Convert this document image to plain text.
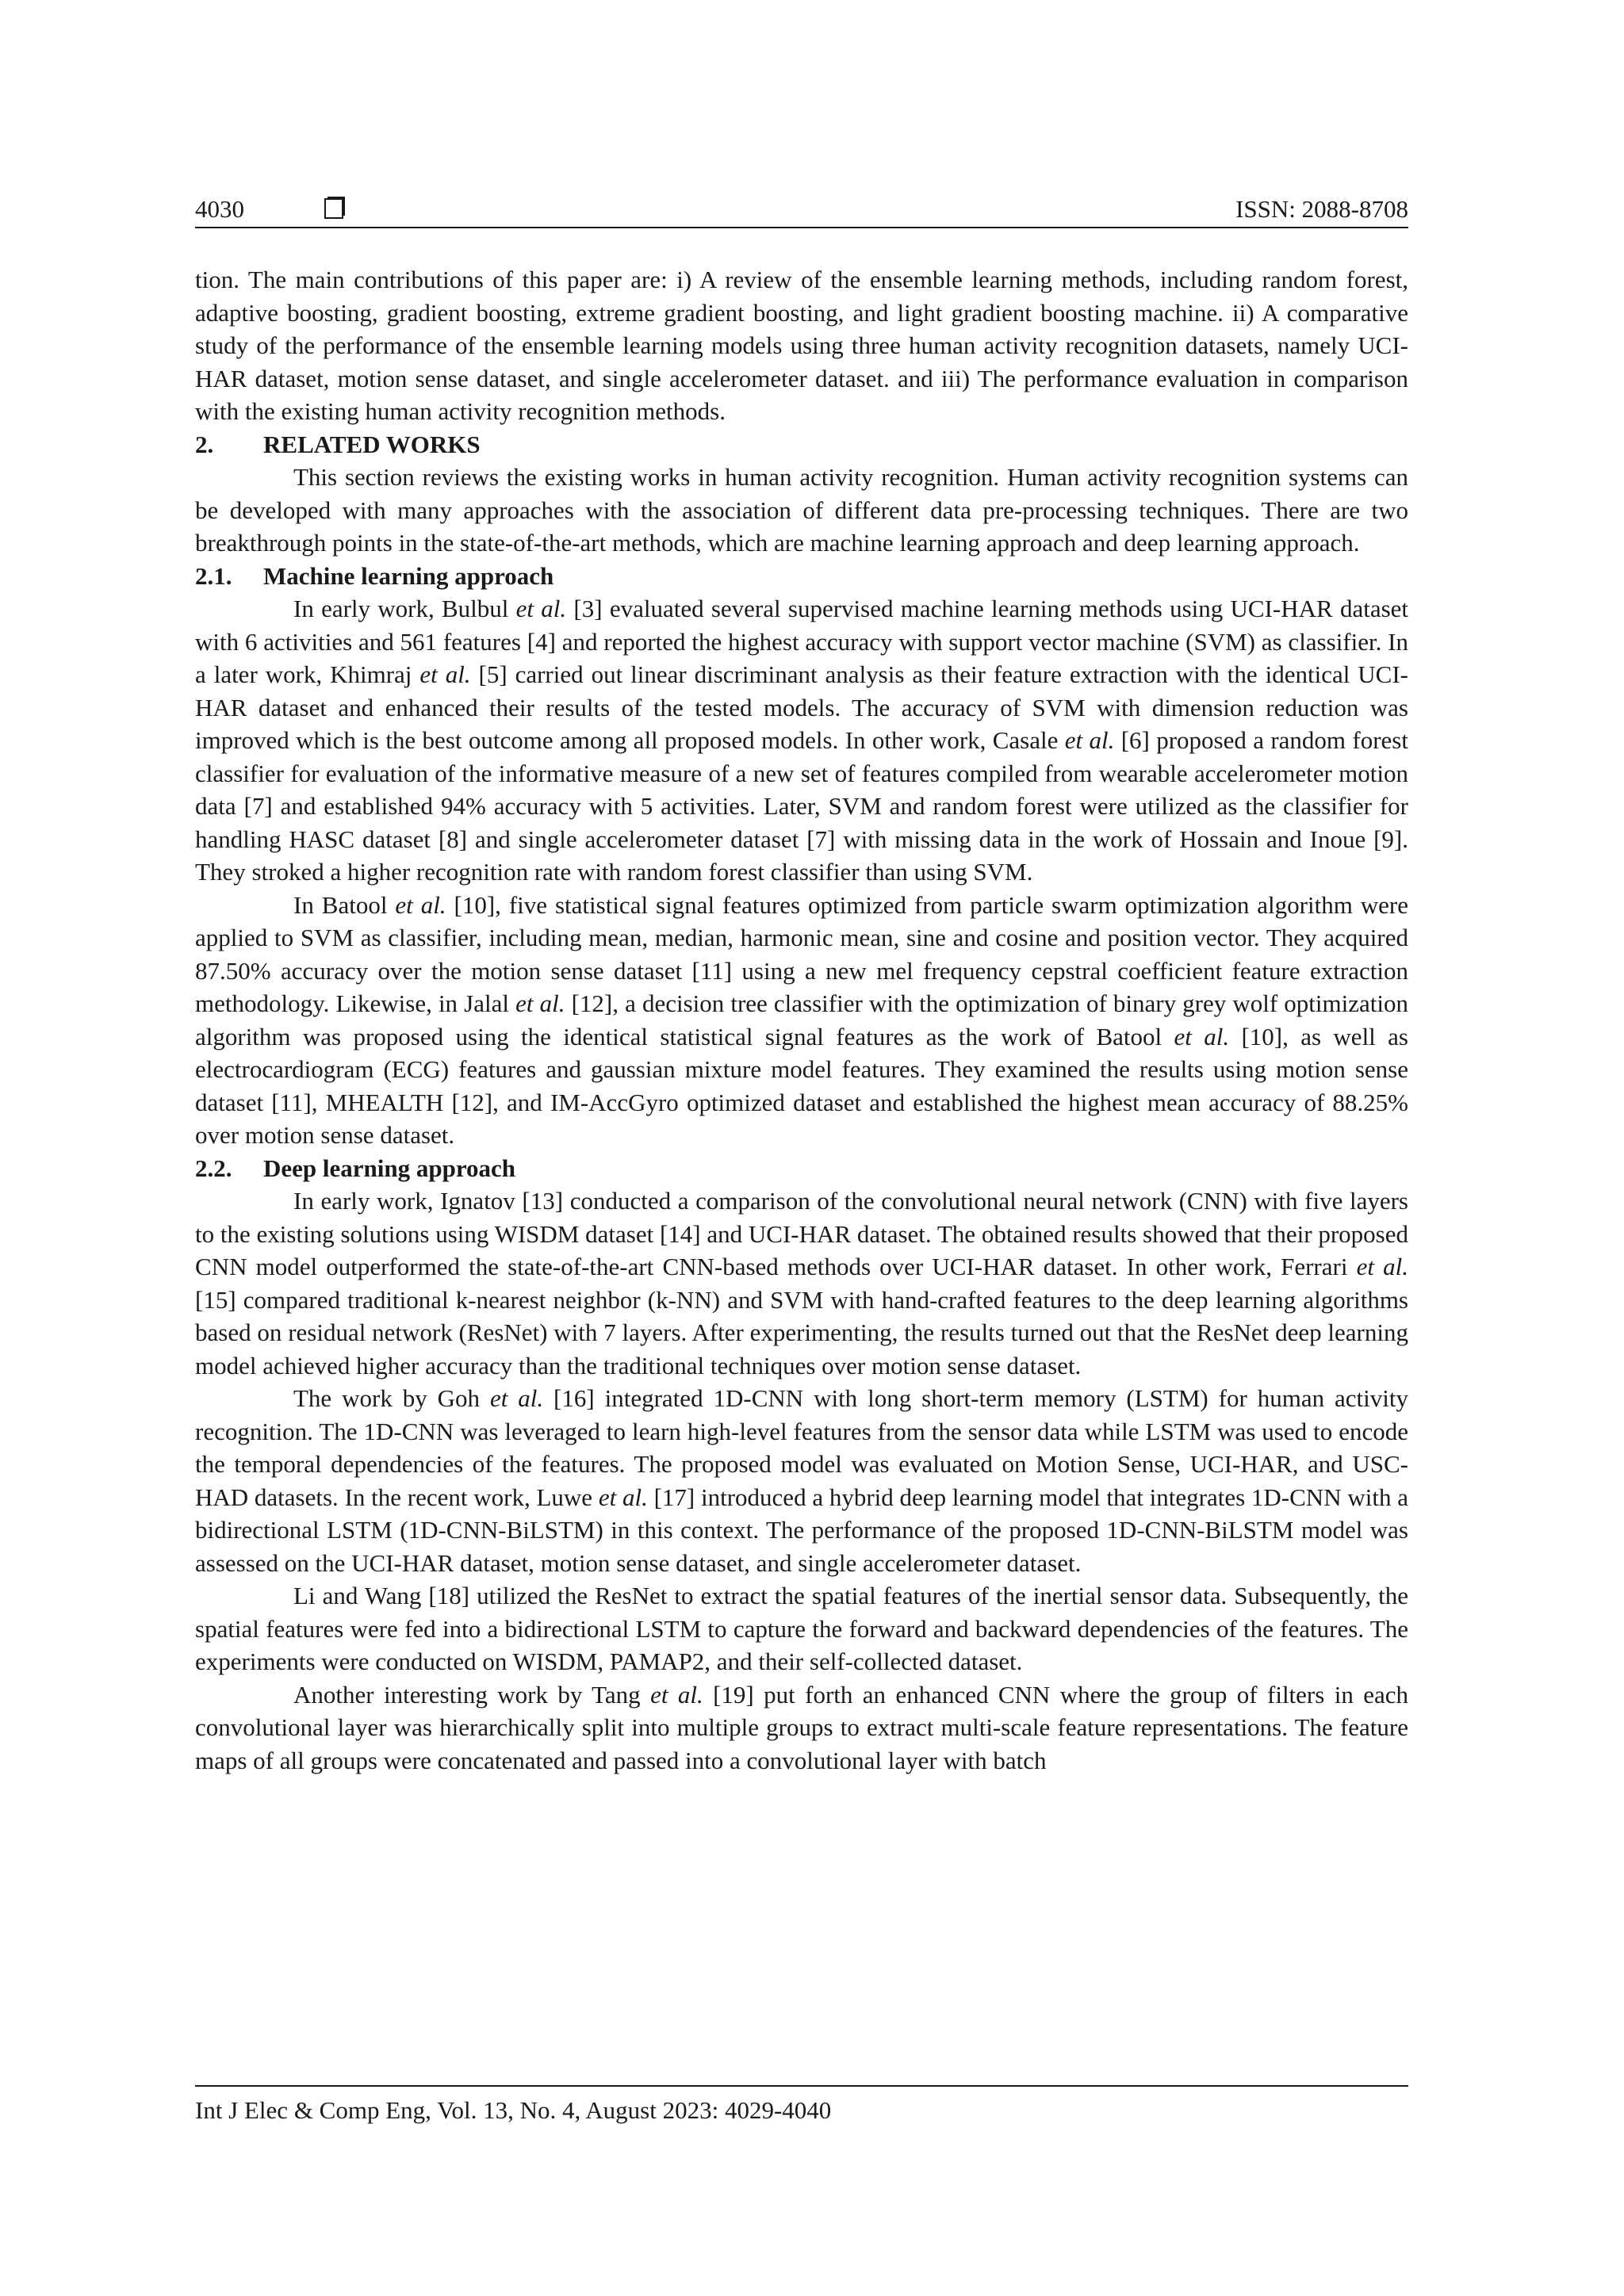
4030	ISSN: 2088-8708

tion. The main contributions of this paper are: i) A review of the ensemble learning methods, including random forest, adaptive boosting, gradient boosting, extreme gradient boosting, and light gradient boosting machine. ii) A comparative study of the performance of the ensemble learning models using three human activity recognition datasets, namely UCI-HAR dataset, motion sense dataset, and single accelerometer dataset. and iii) The performance evaluation in comparison with the existing human activity recognition methods.

2. RELATED WORKS

This section reviews the existing works in human activity recognition. Human activity recognition systems can be developed with many approaches with the association of different data pre-processing techniques. There are two breakthrough points in the state-of-the-art methods, which are machine learning approach and deep learning approach.

2.1. Machine learning approach

In early work, Bulbul et al. [3] evaluated several supervised machine learning methods using UCI-HAR dataset with 6 activities and 561 features [4] and reported the highest accuracy with support vector machine (SVM) as classifier. In a later work, Khimraj et al. [5] carried out linear discriminant analysis as their feature extraction with the identical UCI-HAR dataset and enhanced their results of the tested models. The accuracy of SVM with dimension reduction was improved which is the best outcome among all proposed models. In other work, Casale et al. [6] proposed a random forest classifier for evaluation of the informative measure of a new set of features compiled from wearable accelerometer motion data [7] and established 94% accuracy with 5 activities. Later, SVM and random forest were utilized as the classifier for handling HASC dataset [8] and single accelerometer dataset [7] with missing data in the work of Hossain and Inoue [9]. They stroked a higher recognition rate with random forest classifier than using SVM.

In Batool et al. [10], five statistical signal features optimized from particle swarm optimization algorithm were applied to SVM as classifier, including mean, median, harmonic mean, sine and cosine and position vector. They acquired 87.50% accuracy over the motion sense dataset [11] using a new mel frequency cepstral coefficient feature extraction methodology. Likewise, in Jalal et al. [12], a decision tree classifier with the optimization of binary grey wolf optimization algorithm was proposed using the identical statistical signal features as the work of Batool et al. [10], as well as electrocardiogram (ECG) features and gaussian mixture model features. They examined the results using motion sense dataset [11], MHEALTH [12], and IM-AccGyro optimized dataset and established the highest mean accuracy of 88.25% over motion sense dataset.

2.2. Deep learning approach

In early work, Ignatov [13] conducted a comparison of the convolutional neural network (CNN) with five layers to the existing solutions using WISDM dataset [14] and UCI-HAR dataset. The obtained results showed that their proposed CNN model outperformed the state-of-the-art CNN-based methods over UCI-HAR dataset. In other work, Ferrari et al. [15] compared traditional k-nearest neighbor (k-NN) and SVM with hand-crafted features to the deep learning algorithms based on residual network (ResNet) with 7 layers. After experimenting, the results turned out that the ResNet deep learning model achieved higher accuracy than the traditional techniques over motion sense dataset.

The work by Goh et al. [16] integrated 1D-CNN with long short-term memory (LSTM) for human activity recognition. The 1D-CNN was leveraged to learn high-level features from the sensor data while LSTM was used to encode the temporal dependencies of the features. The proposed model was evaluated on Motion Sense, UCI-HAR, and USC-HAD datasets. In the recent work, Luwe et al. [17] introduced a hybrid deep learning model that integrates 1D-CNN with a bidirectional LSTM (1D-CNN-BiLSTM) in this context. The performance of the proposed 1D-CNN-BiLSTM model was assessed on the UCI-HAR dataset, motion sense dataset, and single accelerometer dataset.

Li and Wang [18] utilized the ResNet to extract the spatial features of the inertial sensor data. Subsequently, the spatial features were fed into a bidirectional LSTM to capture the forward and backward dependencies of the features. The experiments were conducted on WISDM, PAMAP2, and their self-collected dataset.

Another interesting work by Tang et al. [19] put forth an enhanced CNN where the group of filters in each convolutional layer was hierarchically split into multiple groups to extract multi-scale feature representations. The feature maps of all groups were concatenated and passed into a convolutional layer with batch

Int J Elec & Comp Eng, Vol. 13, No. 4, August 2023: 4029-4040
